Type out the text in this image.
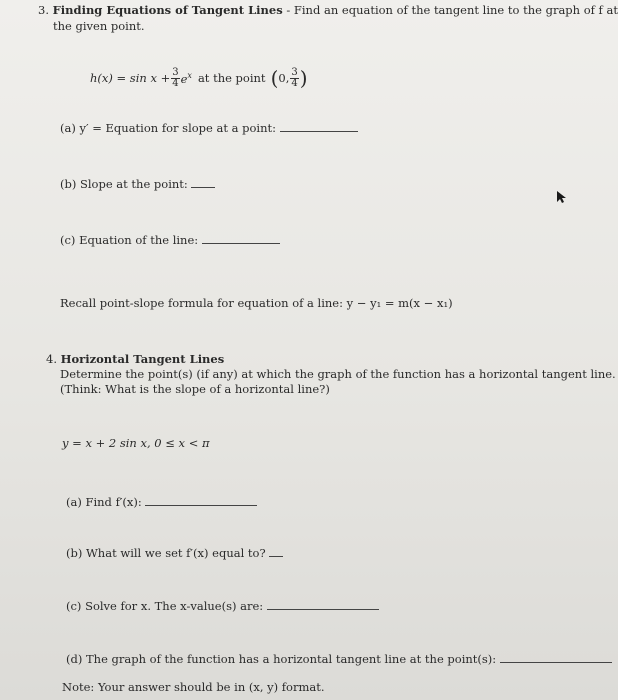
3. Finding Equations of Tangent Lines - Find an equation of the tangent line to the graph of f at
the given point.
$h(x) = \sin x + \frac{3}{4} e^x$ at the point ( 0, $\frac{3}{4}$ )
(a) y′ = Equation for slope at a point:
(b) Slope at the point:
(c) Equation of the line:
Recall point-slope formula for equation of a line: y − y₁ = m(x − x₁)
4. Horizontal Tangent Lines
Determine the point(s) (if any) at which the graph of the function has a horizontal tangent line.
(Think: What is the slope of a horizontal line?)
y = x + 2 sin x, 0 ≤ x < π
(a) Find f′(x):
(b) What will we set f′(x) equal to?
(c) Solve for x. The x-value(s) are:
(d) The graph of the function has a horizontal tangent line at the point(s):
Note: Your answer should be in (x, y) format.
